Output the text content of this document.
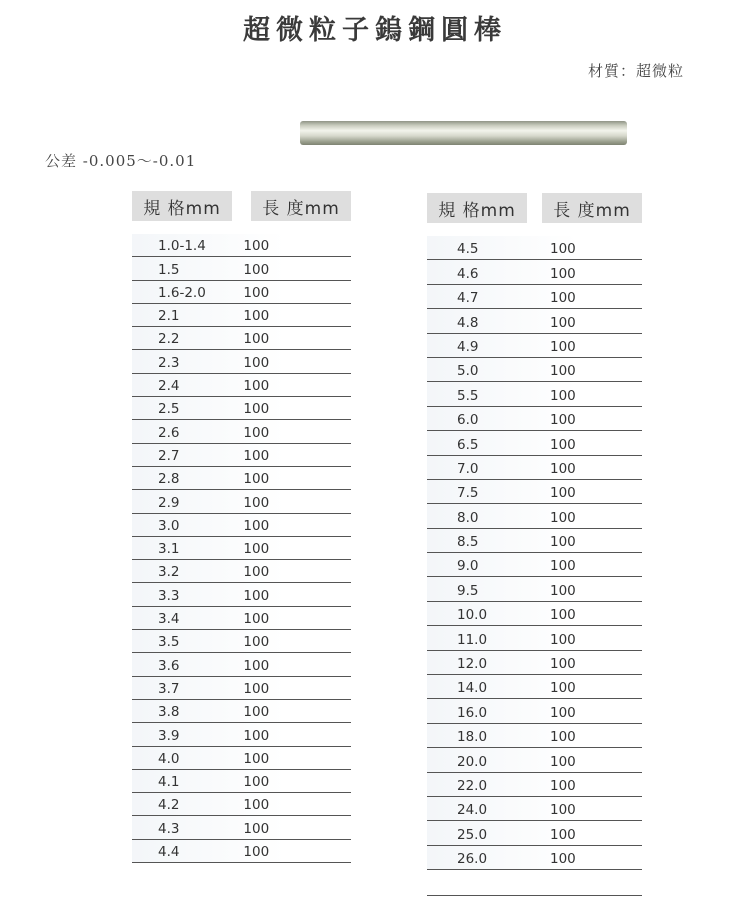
超微粒子鎢鋼圓棒
材質：超微粒
公差 -0.005～-0.01
規 格mm	長 度mm
1.0-1.4	100
1.5	100
1.6-2.0	100
2.1	100
2.2	100
2.3	100
2.4	100
2.5	100
2.6	100
2.7	100
2.8	100
2.9	100
3.0	100
3.1	100
3.2	100
3.3	100
3.4	100
3.5	100
3.6	100
3.7	100
3.8	100
3.9	100
4.0	100
4.1	100
4.2	100
4.3	100
4.4	100
規 格mm	長 度mm
4.5	100
4.6	100
4.7	100
4.8	100
4.9	100
5.0	100
5.5	100
6.0	100
6.5	100
7.0	100
7.5	100
8.0	100
8.5	100
9.0	100
9.5	100
10.0	100
11.0	100
12.0	100
14.0	100
16.0	100
18.0	100
20.0	100
22.0	100
24.0	100
25.0	100
26.0	100
